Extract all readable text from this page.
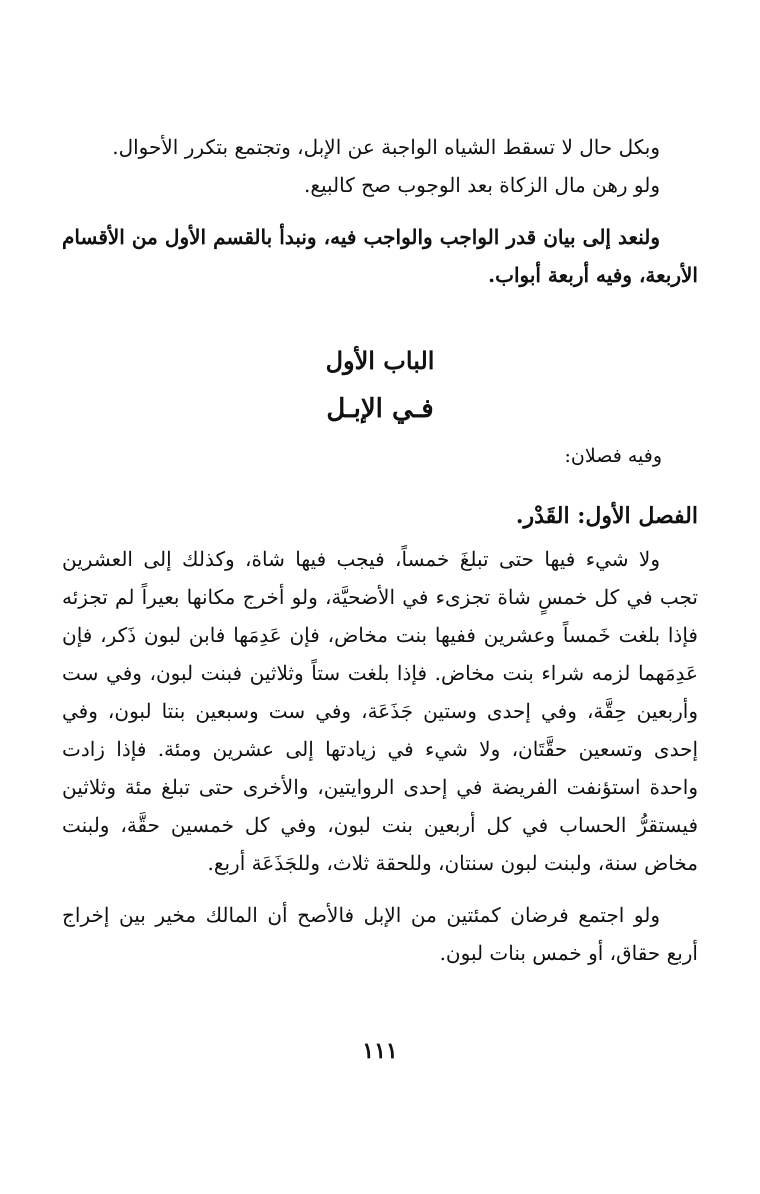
وبكل حال لا تسقط الشياه الواجبة عن الإبل، وتجتمع بتكرر الأحوال.

ولو رهن مال الزكاة بعد الوجوب صح كالبيع.

ولنعد إلى بيان قدر الواجب والواجب فيه، ونبدأ بالقسم الأول من الأقسام الأربعة، وفيه أربعة أبواب.

الباب الأول
فـي الإبـل

وفيه فصلان:

الفصل الأول: القَدْر.

ولا شيء فيها حتى تبلغَ خمساً، فيجب فيها شاة، وكذلك إلى العشرين تجب في كل خمسٍ شاة تجزىء في الأضحيَّة، ولو أخرج مكانها بعيراً لم تجزئه فإذا بلغت خَمساً وعشرين ففيها بنت مخاض، فإن عَدِمَها فابن لبون ذَكر، فإن عَدِمَهما لزمه شراء بنت مخاض. فإذا بلغت ستاً وثلاثين فبنت لبون، وفي ست وأربعين حِقَّة، وفي إحدى وستين جَذَعَة، وفي ست وسبعين بنتا لبون، وفي إحدى وتسعين حقَّتَان، ولا شيء في زيادتها إلى عشرين ومئة. فإذا زادت واحدة استؤنفت الفريضة في إحدى الروايتين، والأخرى حتى تبلغ مئة وثلاثين فيستقرُّ الحساب في كل أربعين بنت لبون، وفي كل خمسين حقَّة، ولبنت مخاض سنة، ولبنت لبون سنتان، وللحقة ثلاث، وللجَذَعَة أربع.

ولو اجتمع فرضان كمئتين من الإبل فالأصح أن المالك مخير بين إخراج أربع حقاق، أو خمس بنات لبون.

١١١
